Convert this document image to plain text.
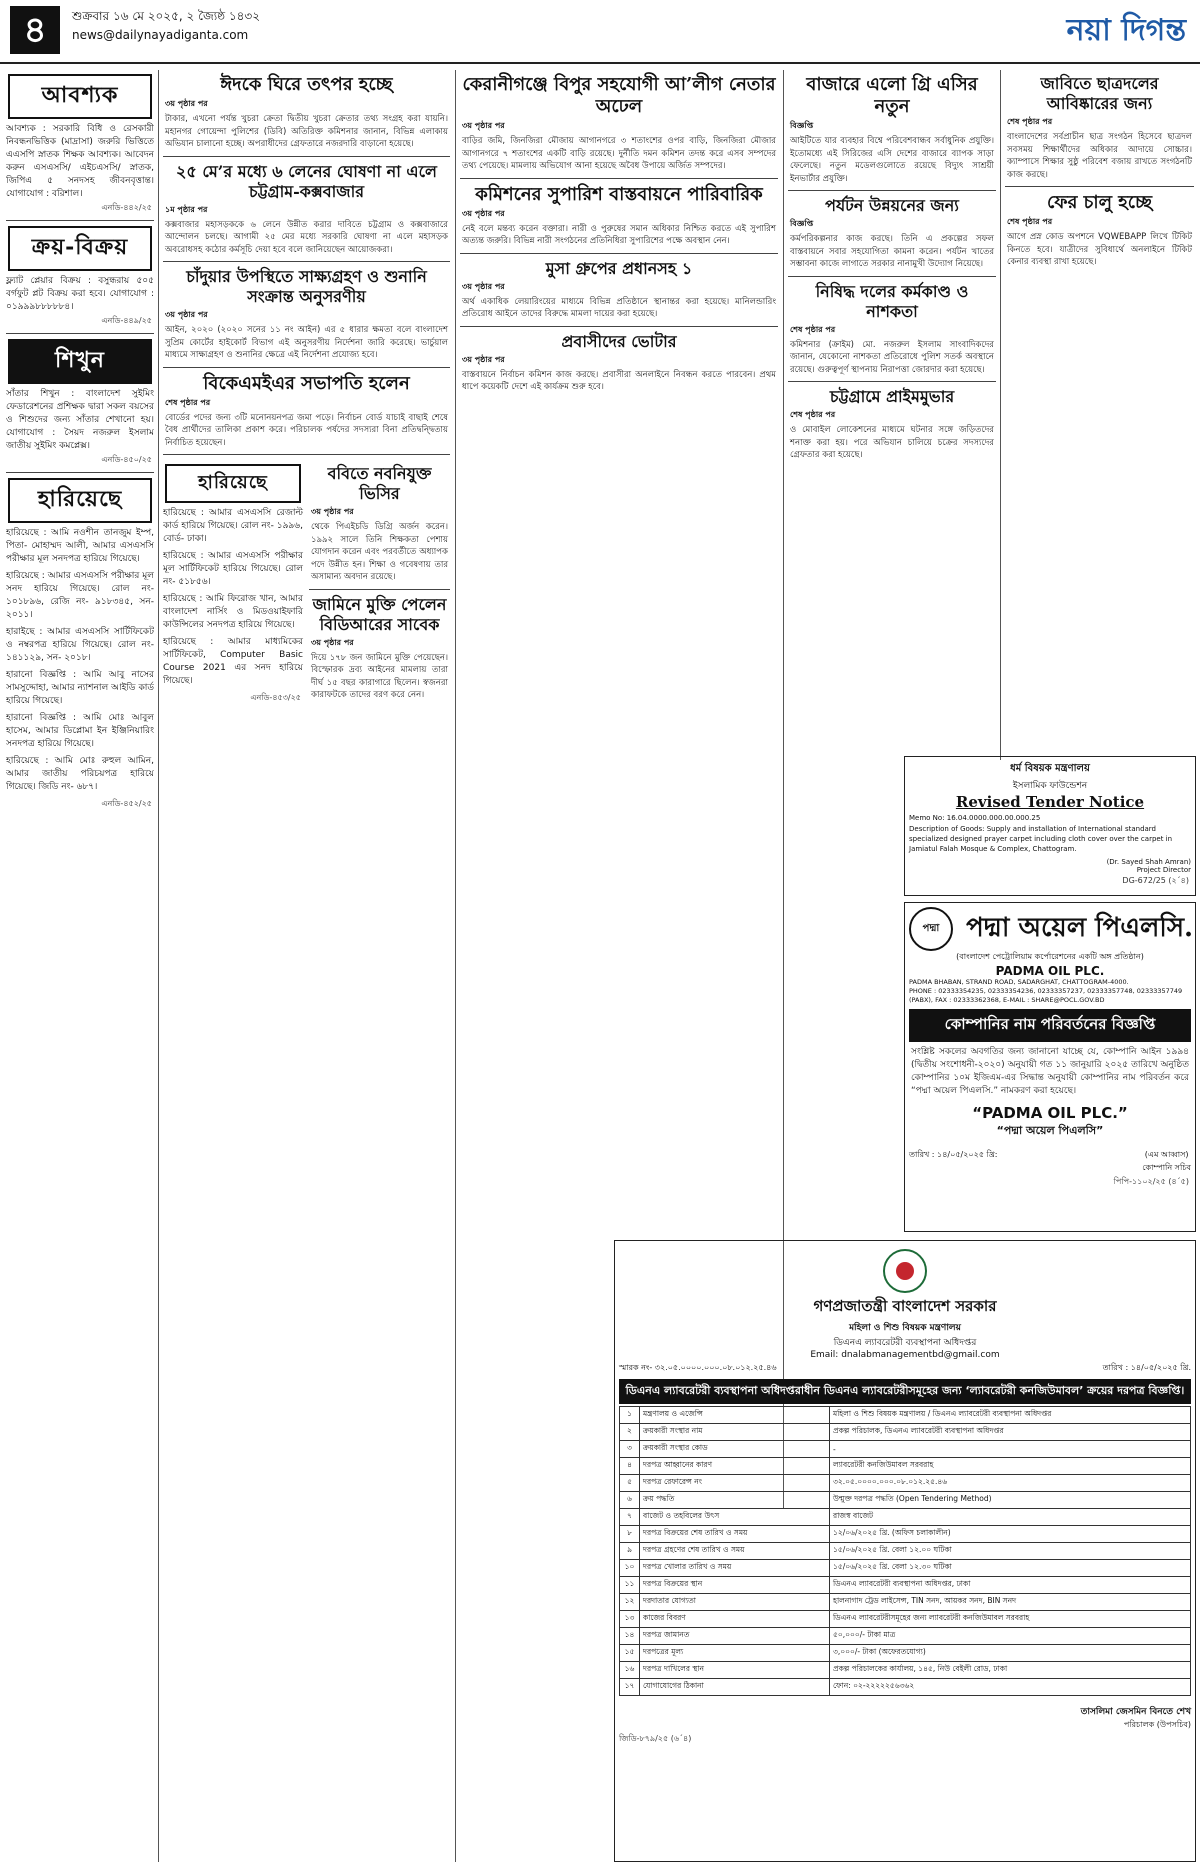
৪	শুক্রবার ১৬ মে ২০২৫, ২ জ্যৈষ্ঠ ১৪৩২
news@dailynayadiganta.com	নয়া দিগন্ত
আবশ্যক

আবশ্যক : সরকারি বিধি ও রেসকারী নিবন্ধনভিত্তিক (মাদ্রাসা) জরুরি ভিত্তিতে এএসপি স্নাতক শিক্ষক আবশ্যক। আবেদন করুন এসএসসি/ এইচএসসি/ স্নাতক, জিপিএ ৫ সনদসহ জীবনবৃত্তান্ত। যোগাযোগ : বরিশাল।

এনডি-৪৪২/২৫
ক্রয়-বিক্রয়

ফ্ল্যাট প্লেয়ার বিক্রয় : বসুন্ধরায় ৫০৫ বর্গফুট প্লট বিক্রয় করা হবে। যোগাযোগ : ০১৯৯৯৮৮৮৮৮৪।

এনডি-৪৪৯/২৫
শিখুন

সাঁতার শিখুন : বাংলাদেশ সুইমিং ফেডারেশনের প্রশিক্ষক দ্বারা সকল বয়সের ও শিশুদের জন্য সাঁতার শেখানো হয়। যোগাযোগ : সৈয়দ নজরুল ইসলাম জাতীয় সুইমিং কমপ্লেক্স।

এনডি-৪৫০/২৫
হারিয়েছে

হারিয়েছে : আমি নওশীন তানজুম ইম্প, পিতা- মোহাম্মদ আলী, আমার এসএসসি পরীক্ষার মূল সনদপত্র হারিয়ে গিয়েছে।

হারিয়েছে : আমার এসএসসি পরীক্ষার মূল সনদ হারিয়ে গিয়েছে। রোল নং- ১০১৮৯৬, রেজি নং- ৯১৮৩৪৫, সন- ২০১১।

হারাইছে : আমার এসএসসি সার্টিফিকেট ও নম্বরপত্র হারিয়ে গিয়েছে। রোল নং- ১৪১১২৯, সন- ২০১৮।

হারানো বিজ্ঞপ্তি : আমি আবু নাসের সামসুদ্দোহা, আমার ন্যাশনাল আইডি কার্ড হারিয়ে গিয়েছে।

হারানো বিজ্ঞপ্তি : আমি মোঃ আবুল হাসেম, আমার ডিপ্লোমা ইন ইঞ্জিনিয়ারিং সনদপত্র হারিয়ে গিয়েছে।

হারিয়েছে : আমি মোঃ রুহুল আমিন, আমার জাতীয় পরিচয়পত্র হারিয়ে গিয়েছে। জিডি নং- ৬৮৭।

এনডি-৪৫২/২৫
ঈদকে ঘিরে তৎপর হচ্ছে
৩য় পৃষ্ঠার পর

টাকার, এখনো পর্যন্ত খুচরা ক্রেতা দ্বিতীয় খুচরা ক্রেতার তথ্য সংগ্রহ করা যায়নি। মহানগর গোয়েন্দা পুলিশের (ডিবি) অতিরিক্ত কমিশনার জানান, বিভিন্ন এলাকায় অভিযান চালানো হচ্ছে। অপরাধীদের গ্রেফতারে নজরদারি বাড়ানো হয়েছে।

২৫ মে’র মধ্যে ৬ লেনের ঘোষণা না এলে চট্টগ্রাম-কক্সবাজার
১ম পৃষ্ঠার পর

কক্সবাজার মহাসড়ককে ৬ লেনে উন্নীত করার দাবিতে চট্টগ্রাম ও কক্সবাজারে আন্দোলন চলছে। আগামী ২৫ মের মধ্যে সরকারি ঘোষণা না এলে মহাসড়ক অবরোধসহ কঠোর কর্মসূচি দেয়া হবে বলে জানিয়েছেন আয়োজকরা।

চাঁদুয়ার উপস্থিতে সাক্ষ্যগ্রহণ ও শুনানি সংক্রান্ত অনুসরণীয়
৩য় পৃষ্ঠার পর

আইন, ২০২০ (২০২০ সনের ১১ নং আইন) এর ৫ ধারার ক্ষমতা বলে বাংলাদেশ সুপ্রিম কোর্টের হাইকোর্ট বিভাগ এই অনুসরণীয় নির্দেশনা জারি করেছে। ভার্চুয়াল মাধ্যমে সাক্ষ্যগ্রহণ ও শুনানির ক্ষেত্রে এই নির্দেশনা প্রযোজ্য হবে।

বিকেএমইএর সভাপতি হলেন
শেষ পৃষ্ঠার পর

বোর্ডের পদের জন্য ৩টি মনোনয়নপত্র জমা পড়ে। নির্বাচন বোর্ড যাচাই বাছাই শেষে বৈধ প্রার্থীদের তালিকা প্রকাশ করে। পরিচালক পর্ষদের সদস্যরা বিনা প্রতিদ্বন্দ্বিতায় নির্বাচিত হয়েছেন।

হারিয়েছে

হারিয়েছে : আমার এসএসসি রেজাল্ট কার্ড হারিয়ে গিয়েছে। রোল নং- ১৯৯৬, বোর্ড- ঢাকা।

হারিয়েছে : আমার এসএসসি পরীক্ষার মূল সার্টিফিকেট হারিয়ে গিয়েছে। রোল নং- ৫১৮৫৬।

হারিয়েছে : আমি ফিরোজ খান, আমার বাংলাদেশ নার্সিং ও মিডওয়াইফারি কাউন্সিলের সনদপত্র হারিয়ে গিয়েছে।

হারিয়েছে : আমার মাধ্যমিকের সার্টিফিকেট, Computer Basic Course 2021 এর সনদ হারিয়ে গিয়েছে।

এনডি-৪৫৩/২৫
ববিতে নবনিযুক্ত ভিসির
৩য় পৃষ্ঠার পর

থেকে পিএইচডি ডিগ্রি অর্জন করেন। ১৯৯২ সালে তিনি শিক্ষকতা পেশায় যোগদান করেন এবং পরবর্তীতে অধ্যাপক পদে উন্নীত হন। শিক্ষা ও গবেষণায় তার অসামান্য অবদান রয়েছে।

জামিনে মুক্তি পেলেন বিডিআরের সাবেক
৩য় পৃষ্ঠার পর

দিয়ে ১৭৮ জন জামিনে মুক্তি পেয়েছেন। বিস্ফোরক দ্রব্য আইনের মামলায় তারা দীর্ঘ ১৫ বছর কারাগারে ছিলেন। স্বজনরা কারাফটকে তাদের বরণ করে নেন।

কেরানীগঞ্জে বিপুর সহযোগী আ’লীগ নেতার অঢেল
৩য় পৃষ্ঠার পর

বাড়ির জমি, জিনজিরা মৌজায় আগানগরে ৩ শতাংশের ওপর বাড়ি, জিনজিরা মৌজার আগানগরে ৭ শতাংশের একটি বাড়ি রয়েছে। দুর্নীতি দমন কমিশন তদন্ত করে এসব সম্পদের তথ্য পেয়েছে। মামলায় অভিযোগ আনা হয়েছে অবৈধ উপায়ে অর্জিত সম্পদের।

কমিশনের সুপারিশ বাস্তবায়নে পারিবারিক
৩য় পৃষ্ঠার পর

নেই বলে মন্তব্য করেন বক্তারা। নারী ও পুরুষের সমান অধিকার নিশ্চিত করতে এই সুপারিশ অত্যন্ত জরুরি। বিভিন্ন নারী সংগঠনের প্রতিনিধিরা সুপারিশের পক্ষে অবস্থান নেন।

মুসা গ্রুপের প্রধানসহ ১
৩য় পৃষ্ঠার পর

অর্থ একাধিক লেয়ারিংয়ের মাধ্যমে বিভিন্ন প্রতিষ্ঠানে স্থানান্তর করা হয়েছে। মানিলন্ডারিং প্রতিরোধ আইনে তাদের বিরুদ্ধে মামলা দায়ের করা হয়েছে।

প্রবাসীদের ভোটার
৩য় পৃষ্ঠার পর

বাস্তবায়নে নির্বাচন কমিশন কাজ করছে। প্রবাসীরা অনলাইনে নিবন্ধন করতে পারবেন। প্রথম ধাপে কয়েকটি দেশে এই কার্যক্রম শুরু হবে।

বাজারে এলো গ্রি এসির নতুন
বিজ্ঞপ্তি

আইটিতে যার ব্যবহার বিশ্বে পরিবেশবান্ধব সর্বাধুনিক প্রযুক্তি। ইতোমধ্যে এই সিরিজের এসি দেশের বাজারে ব্যাপক সাড়া ফেলেছে। নতুন মডেলগুলোতে রয়েছে বিদ্যুৎ সাশ্রয়ী ইনভার্টার প্রযুক্তি।

পর্যটন উন্নয়নের জন্য
বিজ্ঞপ্তি

কর্মপরিকল্পনার কাজ করছে। তিনি এ প্রকল্পের সফল বাস্তবায়নে সবার সহযোগিতা কামনা করেন। পর্যটন খাতের সম্ভাবনা কাজে লাগাতে সরকার নানামুখী উদ্যোগ নিয়েছে।

নিষিদ্ধ দলের কর্মকাণ্ড ও নাশকতা
শেষ পৃষ্ঠার পর

কমিশনার (ক্রাইম) মো. নজরুল ইসলাম সাংবাদিকদের জানান, যেকোনো নাশকতা প্রতিরোধে পুলিশ সতর্ক অবস্থানে রয়েছে। গুরুত্বপূর্ণ স্থাপনায় নিরাপত্তা জোরদার করা হয়েছে।

চট্টগ্রামে প্রাইমমুভার
শেষ পৃষ্ঠার পর

ও মোবাইল লোকেশনের মাধ্যমে ঘটনার সঙ্গে জড়িতদের শনাক্ত করা হয়। পরে অভিযান চালিয়ে চক্রের সদস্যদের গ্রেফতার করা হয়েছে।

জাবিতে ছাত্রদলের আবিষ্কারের জন্য
শেষ পৃষ্ঠার পর

বাংলাদেশের সর্বপ্রাচীন ছাত্র সংগঠন হিসেবে ছাত্রদল সবসময় শিক্ষার্থীদের অধিকার আদায়ে সোচ্চার। ক্যাম্পাসে শিক্ষার সুষ্ঠু পরিবেশ বজায় রাখতে সংগঠনটি কাজ করছে।

ফের চালু হচ্ছে
শেষ পৃষ্ঠার পর

আগে প্রস্ন কোড অপশনে VQWEBAPP লিখে টিকিট কিনতে হবে। যাত্রীদের সুবিধার্থে অনলাইনে টিকিট কেনার ব্যবস্থা রাখা হয়েছে।

ধর্ম বিষয়ক মন্ত্রণালয়
ইসলামিক ফাউন্ডেশন
Revised Tender Notice
Memo No: 16.04.0000.000.00.000.25
Description of Goods: Supply and installation of International standard specialized designed prayer carpet including cloth cover over the carpet in Jamiatul Falah Mosque & Complex, Chattogram.
(Dr. Sayed Shah Amran)
Project Director
DG-672/25 (২´৪)
পদ্মা পদ্মা অয়েল পিএলসি.
(বাংলাদেশ পেট্রোলিয়াম কর্পোরেশনের একটি অঙ্গ প্রতিষ্ঠান)
PADMA OIL PLC.
PADMA BHABAN, STRAND ROAD, SADARGHAT, CHATTOGRAM-4000.
PHONE : 02333354235, 02333354236, 02333357237, 02333357748, 02333357749
(PABX), FAX : 02333362368, E-MAIL : SHARE@POCL.GOV.BD
কোম্পানির নাম পরিবর্তনের বিজ্ঞপ্তি

সংশ্লিষ্ট সকলের অবগতির জন্য জানানো যাচ্ছে যে, কোম্পানি আইন ১৯৯৪ (দ্বিতীয় সংশোধনী-২০২০) অনুযায়ী গত ১১ জানুয়ারি ২০২৫ তারিখে অনুষ্ঠিত কোম্পানির ১০ম ইজিএম-এর সিদ্ধান্ত অনুযায়ী কোম্পানির নাম পরিবর্তন করে “পদ্মা অয়েল পিএলসি.” নামকরণ করা হয়েছে।

“PADMA OIL PLC.”
“পদ্মা অয়েল পিএলসি”
তারিখ : ১৪/০৫/২০২৫ খ্রি:	(এম আব্বাস)
কোম্পানি সচিব
পিপি-১১০২/২৫ (৪´৫)
গণপ্রজাতন্ত্রী বাংলাদেশ সরকার
মহিলা ও শিশু বিষয়ক মন্ত্রণালয়
ডিএনএ ল্যাবরেটরী ব্যবস্থাপনা অধিদপ্তর
Email: dnalabmanagementbd@gmail.com
স্মারক নং- ৩২.০৫.০০০০.০০০.০৮.০১২.২৫.৪৬	তারিখ : ১৪/০৫/২০২৫ খ্রি.
ডিএনএ ল্যাবরেটরী ব্যবস্থাপনা অধিদপ্তরাধীন ডিএনএ ল্যাবরেটরীসমূহের জন্য ‘ল্যাবরেটরী কনজিউমাবল’ ক্রয়ের দরপত্র বিজ্ঞপ্তি।
১	মন্ত্রণালয় ও এজেন্সি	মহিলা ও শিশু বিষয়ক মন্ত্রণালয় / ডিএনএ ল্যাবরেটরী ব্যবস্থাপনা অধিদপ্তর
২	ক্রয়কারী সংস্থার নাম	প্রকল্প পরিচালক, ডিএনএ ল্যাবরেটরী ব্যবস্থাপনা অধিদপ্তর
৩	ক্রয়কারী সংস্থার কোড	-
৪	দরপত্র আহ্বানের কারণ	ল্যাবরেটরী কনজিউমাবল সরবরাহ
৫	দরপত্র রেফারেন্স নং	৩২.০৫.০০০০.০০০.০৮.০১২.২৫.৪৬
৬	ক্রয় পদ্ধতি	উন্মুক্ত দরপত্র পদ্ধতি (Open Tendering Method)
৭	বাজেট ও তহবিলের উৎস	রাজস্ব বাজেট
৮	দরপত্র বিক্রয়ের শেষ তারিখ ও সময়	১২/০৬/২০২৫ খ্রি. (অফিস চলাকালীন)
৯	দরপত্র গ্রহণের শেষ তারিখ ও সময়	১৫/০৬/২০২৫ খ্রি. বেলা ১২.০০ ঘটিকা
১০	দরপত্র খোলার তারিখ ও সময়	১৫/০৬/২০২৫ খ্রি. বেলা ১২.৩০ ঘটিকা
১১	দরপত্র বিক্রয়ের স্থান	ডিএনএ ল্যাবরেটরী ব্যবস্থাপনা অধিদপ্তর, ঢাকা
১২	দরদাতার যোগ্যতা	হালনাগাদ ট্রেড লাইসেন্স, TIN সনদ, আয়কর সনদ, BIN সনদ
১৩	কাজের বিবরণ	ডিএনএ ল্যাবরেটরীসমূহের জন্য ল্যাবরেটরী কনজিউমাবল সরবরাহ
১৪	দরপত্র জামানত	৫০,০০০/- টাকা মাত্র
১৫	দরপত্রের মূল্য	৩,০০০/- টাকা (অফেরতযোগ্য)
১৬	দরপত্র দাখিলের স্থান	প্রকল্প পরিচালকের কার্যালয়, ১৪৫, নিউ বেইলী রোড, ঢাকা
১৭	যোগাযোগের ঠিকানা	ফোন: ০২-২২২২২৫৬৩৬২
তাসলিমা জেসমিন বিনতে শেখ
পরিচালক (উপসচিব)
জিডি-৮৭৯/২৫ (৬´৪)
